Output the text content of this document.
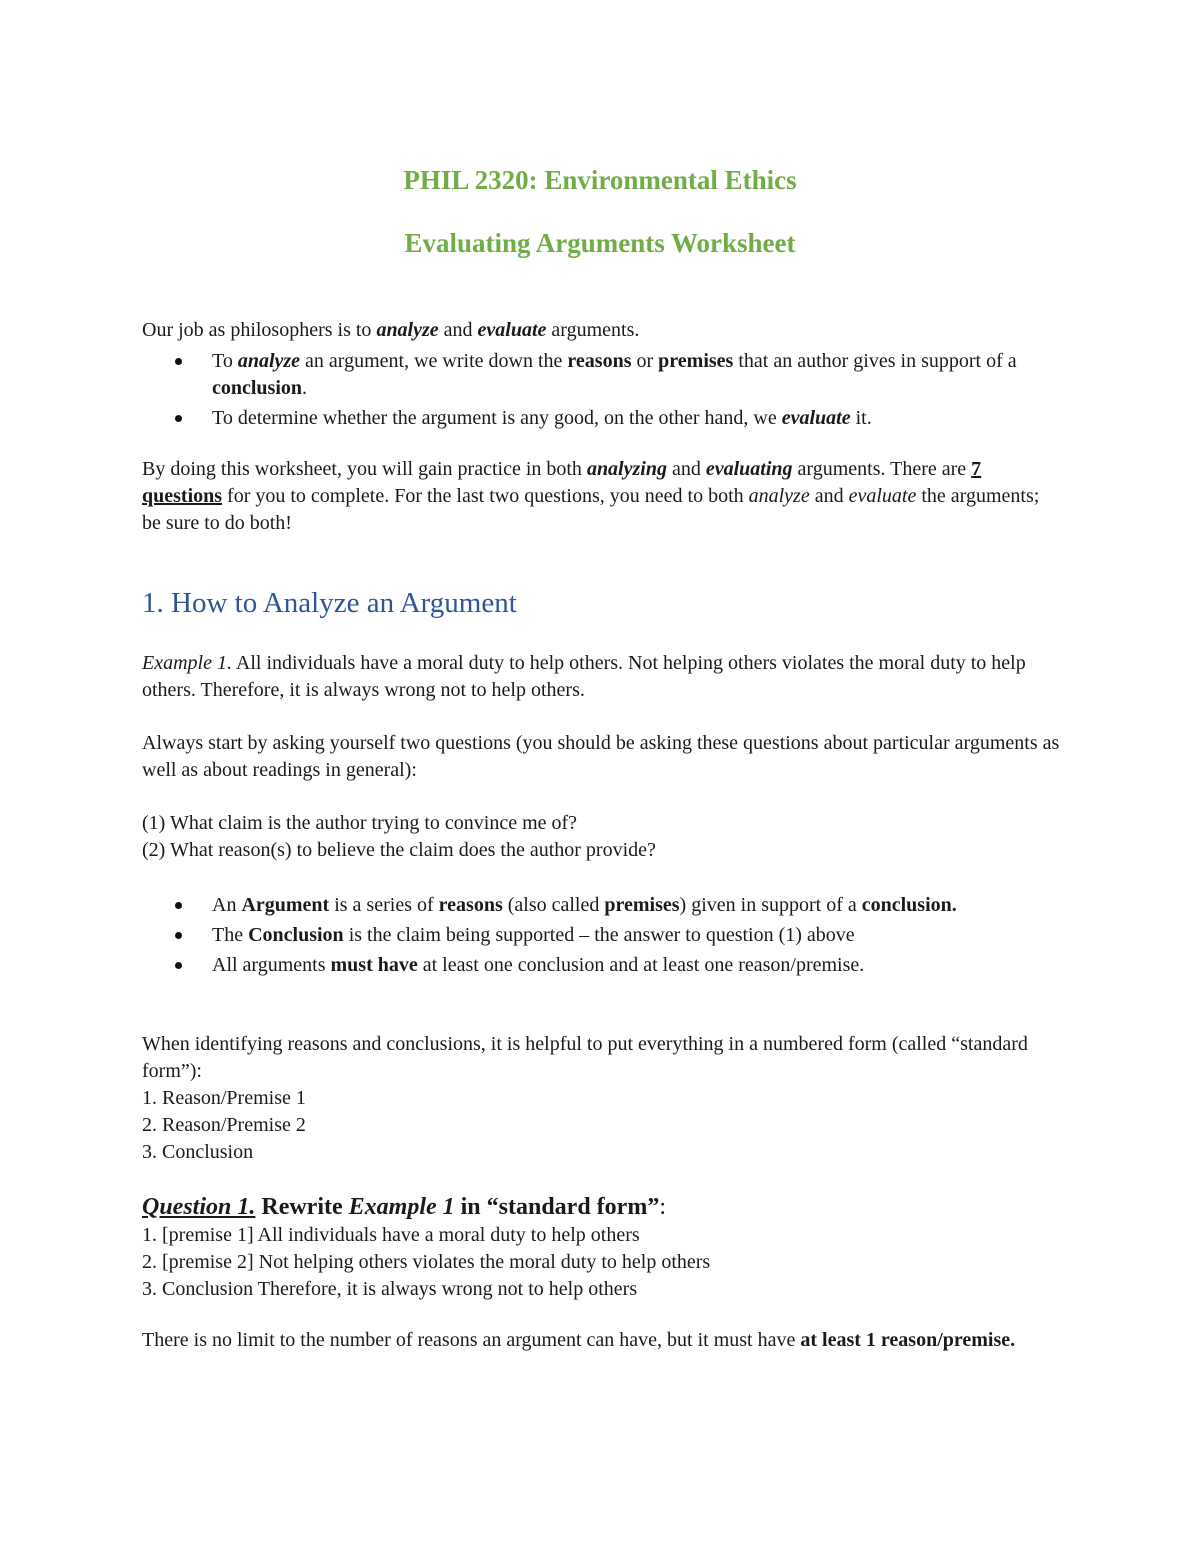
PHIL 2320: Environmental Ethics
Evaluating Arguments Worksheet

Our job as philosophers is to analyze and evaluate arguments.

To analyze an argument, we write down the reasons or premises that an author gives in support of a conclusion.
To determine whether the argument is any good, on the other hand, we evaluate it.

By doing this worksheet, you will gain practice in both analyzing and evaluating arguments. There are 7 questions for you to complete. For the last two questions, you need to both analyze and evaluate the arguments; be sure to do both!

1. How to Analyze an Argument

Example 1. All individuals have a moral duty to help others. Not helping others violates the moral duty to help others. Therefore, it is always wrong not to help others.

Always start by asking yourself two questions (you should be asking these questions about particular arguments as well as about readings in general):

(1) What claim is the author trying to convince me of?

(2) What reason(s) to believe the claim does the author provide?

An Argument is a series of reasons (also called premises) given in support of a conclusion.
The Conclusion is the claim being supported – the answer to question (1) above
All arguments must have at least one conclusion and at least one reason/premise.

When identifying reasons and conclusions, it is helpful to put everything in a numbered form (called “standard form”):

1. Reason/Premise 1

2. Reason/Premise 2

3. Conclusion

Question 1. Rewrite Example 1 in “standard form”:

1. [premise 1] All individuals have a moral duty to help others

2. [premise 2] Not helping others violates the moral duty to help others

3. Conclusion Therefore, it is always wrong not to help others

There is no limit to the number of reasons an argument can have, but it must have at least 1 reason/premise.
